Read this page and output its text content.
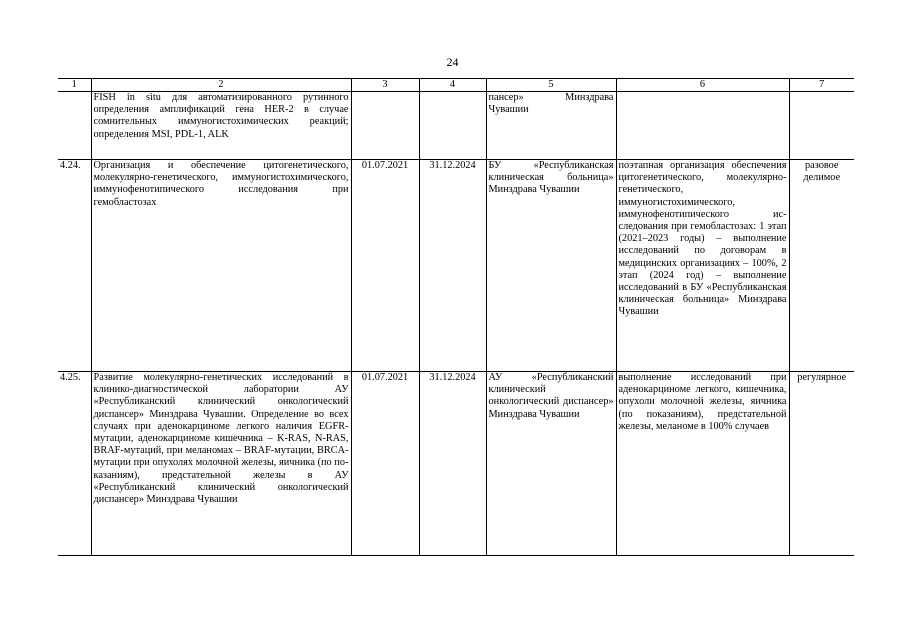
24
1	2	3	4	5	6	7
	FISH in situ для автоматизированного рутинного определения амплификаций гена HER-2 в случае сомнительных иммуногистохимических реакций; определения MSI, PDL-1, ALK			пансер» Минздрава Чувашии		
4.24.	Организация и обеспечение цитогенетического, молекулярно-генетического, иммуногистохимического, иммунофенотипического исследования при гемобластозах	01.07.2021	31.12.2024	БУ «Республиканская клиническая больница» Минздрава Чувашии	поэтапная организация обеспечения цитогенетического, молекулярно-генетического, иммуногистохимического, иммунофенотипического исследования при гемобластозах: 1 этап (2021–2023 годы) – выполнение исследований по договорам в медицинских организациях – 100%, 2 этап (2024 год) – выполнение исследований в БУ «Республиканская клиническая больница» Минздрава Чувашии	разовое делимое
4.25.	Развитие молекулярно-генетических исследований в клинико-диагностической лаборатории АУ «Республиканский клинический онкологический диспансер» Минздрава Чувашии. Определение во всех случаях при аденокарциноме легкого наличия EGFR-мутации, аденокарциноме кишечника – K-RAS, N-RAS, BRAF-мутаций, при меланомах – BRAF-мутации, BRCA-мутации при опухолях молочной железы, яичника (по показаниям), предстательной железы в АУ «Республиканский клинический онкологический диспансер» Минздрава Чувашии	01.07.2021	31.12.2024	АУ «Республиканский клинический онкологический диспансер» Минздрава Чувашии	выполнение исследований при аденокарциноме легкого, кишечника, опухоли молочной железы, яичника (по показаниям), предстательной железы, меланоме в 100% случаев	регулярное
